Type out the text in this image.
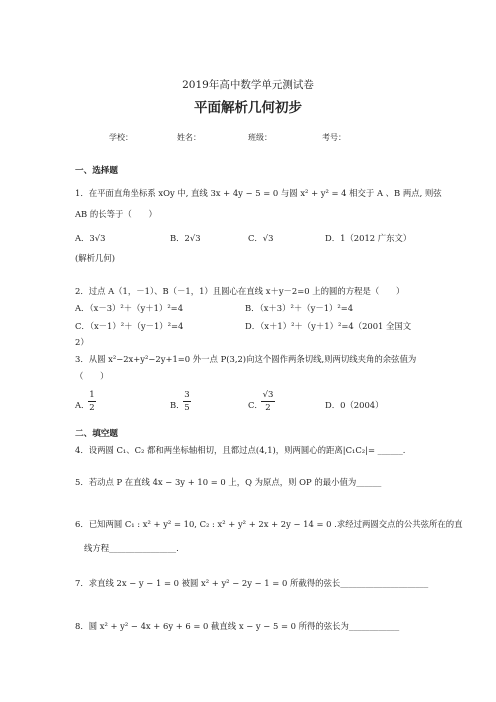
2019年高中数学单元测试卷
平面解析几何初步
学校：	姓名：	班级：	考号：
一、选择题
1．在平面直角坐标系 xOy 中, 直线 3x + 4y − 5 = 0 与圆 x² + y² = 4 相交于 A 、B 两点, 则弦
AB 的长等于（　　）
A．3√3	B．2√3	C．√3	D．1（2012 广东文）
(解析几何)
2．过点 A（1，－1）、B（－1，1）且圆心在直线 x＋y－2=0 上的圆的方程是（　　）
A．（x－3）²＋（y＋1）²=4	B．（x＋3）²＋（y－1）²=4
C．（x－1）²＋（y－1）²=4	D．（x＋1）²＋（y＋1）²=4（2001 全国文
2）
3．从圆 x²−2x+y²−2y+1=0 外一点 P(3,2)向这个圆作两条切线,则两切线夹角的余弦值为
（　　）
A．
1
2	B．
3
5	C．
√3
2	D．0（2004）
二、填空题
4．设两圆 C₁、C₂ 都和两坐标轴相切，且都过点(4,1)，则两圆心的距离|C₁C₂|= ______.
5．若动点 P 在直线 4x − 3y + 10 = 0 上，Q 为原点，则 OP 的最小值为______
6．已知两圆 C₁ : x² + y² = 10, C₂ : x² + y² + 2x + 2y − 14 = 0 .求经过两圆交点的公共弦所在的直
线方程________________.
7．求直线 2x − y − 1 = 0 被圆 x² + y² − 2y − 1 = 0 所截得的弦长_____________________
8．圆 x² + y² − 4x + 6y + 6 = 0 截直线 x − y − 5 = 0 所得的弦长为____________
